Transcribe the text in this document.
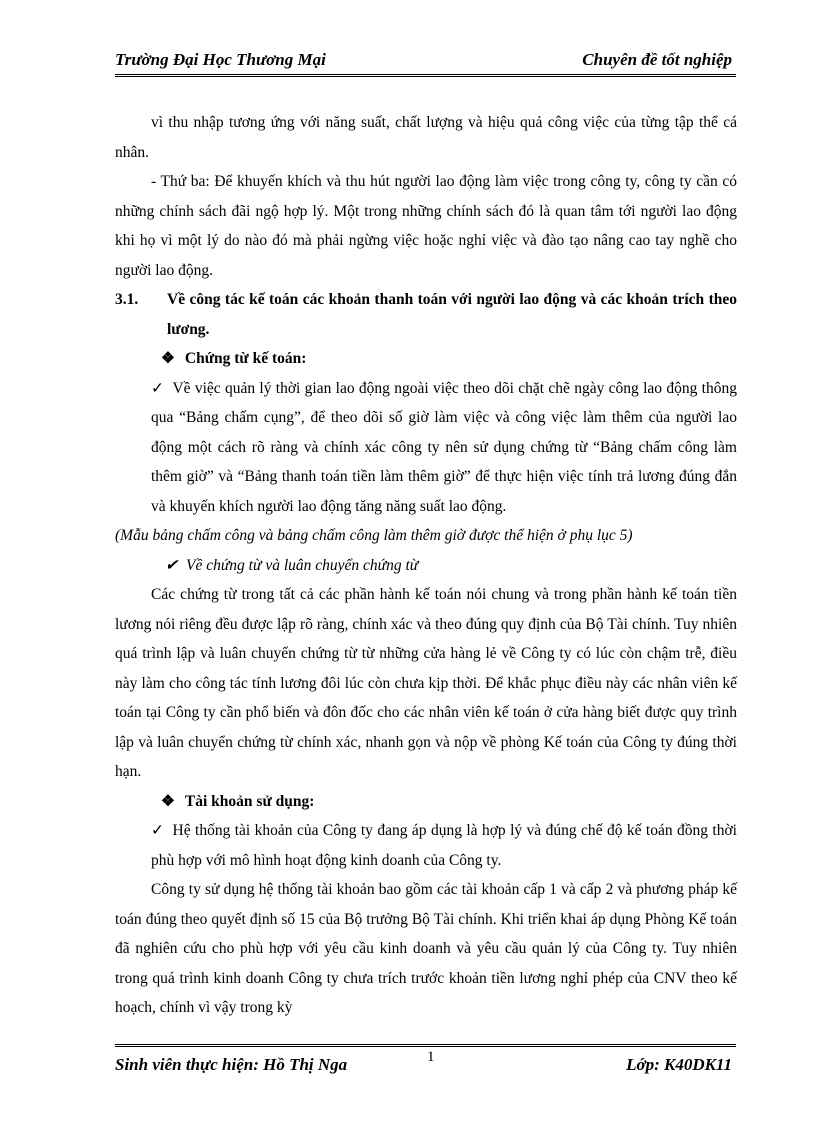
Trường Đại Học Thương Mại	Chuyên đề tốt nghiệp

vì thu nhập tương ứng với năng suất, chất lượng và hiệu quả công việc của từng tập thể cá nhân.

- Thứ ba: Để khuyến khích và thu hút người lao động làm việc trong công ty, công ty cần có những chính sách đãi ngộ hợp lý. Một trong những chính sách đó là quan tâm tới người lao động khi họ vì một lý do nào đó mà phải ngừng việc hoặc nghỉ việc và đào tạo nâng cao tay nghề cho người lao động.

3.1. Về công tác kế toán các khoản thanh toán với người lao động và các khoản trích theo lương.

❖ Chứng từ kế toán:

✓ Về việc quản lý thời gian lao động ngoài việc theo dõi chặt chẽ ngày công lao động thông qua “Bảng chấm cụng”, để theo dõi số giờ làm việc và công việc làm thêm của người lao động một cách rõ ràng và chính xác công ty nên sử dụng chứng từ “Bảng chấm công làm thêm giờ” và “Bảng thanh toán tiền làm thêm giờ” để thực hiện việc tính trả lương đúng đắn và khuyến khích người lao động tăng năng suất lao động.

(Mẫu bảng chấm công và bảng chấm công làm thêm giờ được thể hiện ở phụ lục 5)

✔ Về chứng từ và luân chuyển chứng từ

Các chứng từ trong tất cả các phần hành kế toán nói chung và trong phần hành kế toán tiền lương nói riêng đều được lập rõ ràng, chính xác và theo đúng quy định của Bộ Tài chính. Tuy nhiên quá trình lập và luân chuyển chứng từ từ những cửa hàng lẻ về Công ty có lúc còn chậm trễ, điều này làm cho công tác tính lương đôi lúc còn chưa kịp thời. Để khắc phục điều này các nhân viên kế toán tại Công ty cần phổ biến và đôn đốc cho các nhân viên kế toán ở cửa hàng biết được quy trình lập và luân chuyển chứng từ chính xác, nhanh gọn và nộp về phòng Kế toán của Công ty đúng thời hạn.

❖ Tài khoản sử dụng:

✓ Hệ thống tài khoản của Công ty đang áp dụng là hợp lý và đúng chế độ kế toán đồng thời phù hợp với mô hình hoạt động kinh doanh của Công ty.

Công ty sử dụng hệ thống tài khoản bao gồm các tài khoản cấp 1 và cấp 2 và phương pháp kế toán đúng theo quyết định số 15 của Bộ trưởng Bộ Tài chính. Khi triển khai áp dụng Phòng Kế toán đã nghiên cứu cho phù hợp với yêu cầu kinh doanh và yêu cầu quản lý của Công ty. Tuy nhiên trong quá trình kinh doanh Công ty chưa trích trước khoản tiền lương nghỉ phép của CNV theo kế hoạch, chính vì vậy trong kỳ

Sinh viên thực hiện: Hồ Thị Nga	1	Lớp: K40DK11
